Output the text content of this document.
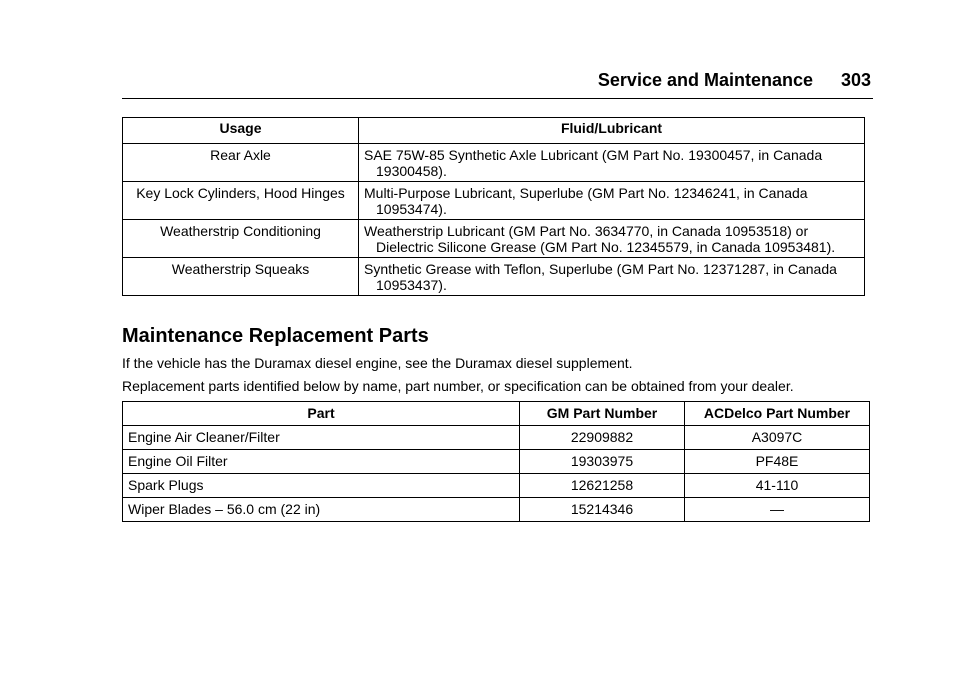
Service and Maintenance 303
Usage	Fluid/Lubricant
Rear Axle	SAE 75W-85 Synthetic Axle Lubricant (GM Part No. 19300457, in Canada 19300458).
Key Lock Cylinders, Hood Hinges	Multi-Purpose Lubricant, Superlube (GM Part No. 12346241, in Canada 10953474).
Weatherstrip Conditioning	Weatherstrip Lubricant (GM Part No. 3634770, in Canada 10953518) or Dielectric Silicone Grease (GM Part No. 12345579, in Canada 10953481).
Weatherstrip Squeaks	Synthetic Grease with Teflon, Superlube (GM Part No. 12371287, in Canada 10953437).
Maintenance Replacement Parts

If the vehicle has the Duramax diesel engine, see the Duramax diesel supplement.

Replacement parts identified below by name, part number, or specification can be obtained from your dealer.

Part	GM Part Number	ACDelco Part Number
Engine Air Cleaner/Filter	22909882	A3097C
Engine Oil Filter	19303975	PF48E
Spark Plugs	12621258	41-110
Wiper Blades – 56.0 cm (22 in)	15214346	—
